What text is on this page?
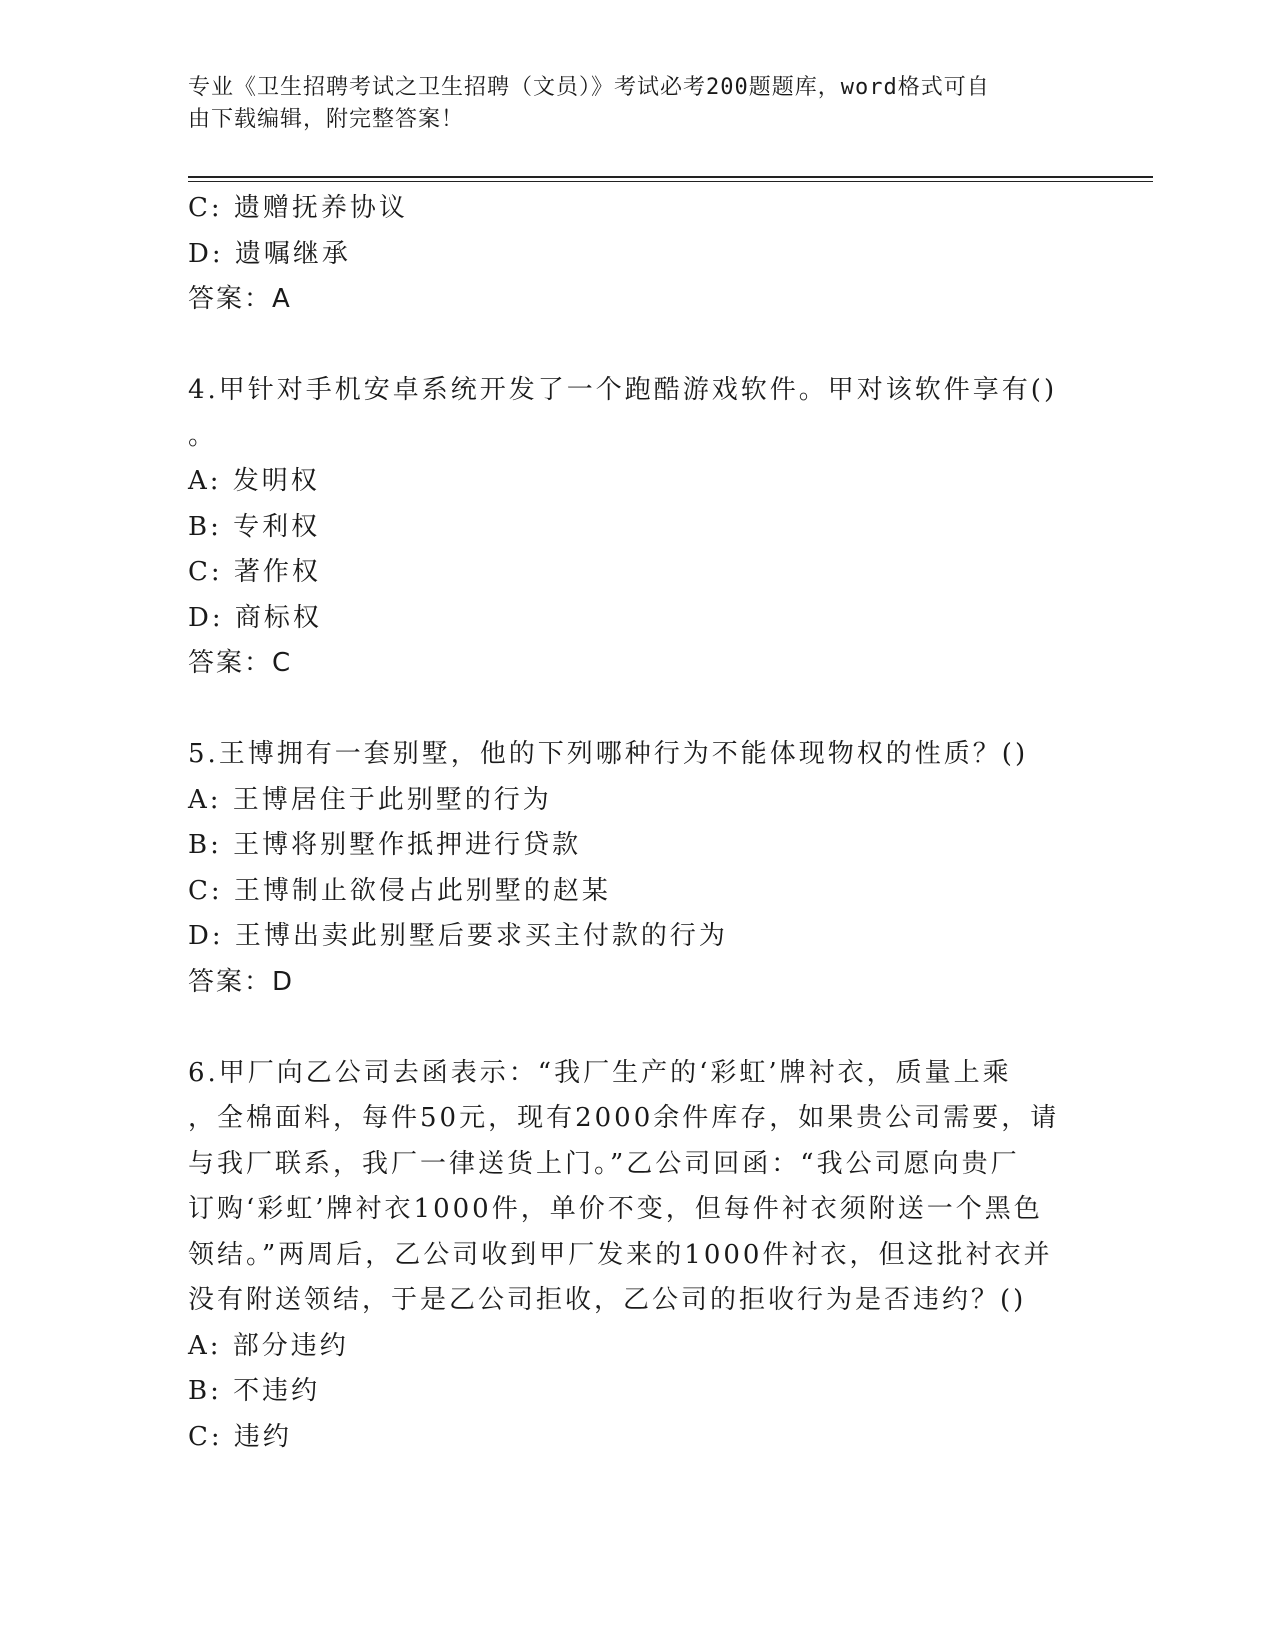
专业《卫生招聘考试之卫生招聘（文员）》考试必考200题题库，word格式可自
由下载编辑，附完整答案！
C: 遗赠抚养协议
D: 遗嘱继承
答案：A
4.甲针对手机安卓系统开发了一个跑酷游戏软件。甲对该软件享有()
。
A: 发明权
B: 专利权
C: 著作权
D: 商标权
答案：C
5.王博拥有一套别墅，他的下列哪种行为不能体现物权的性质？()
A: 王博居住于此别墅的行为
B: 王博将别墅作抵押进行贷款
C: 王博制止欲侵占此别墅的赵某
D: 王博出卖此别墅后要求买主付款的行为
答案：D
6.甲厂向乙公司去函表示：“我厂生产的‘彩虹’牌衬衣，质量上乘
，全棉面料，每件50元，现有2000余件库存，如果贵公司需要，请
与我厂联系，我厂一律送货上门。”乙公司回函：“我公司愿向贵厂
订购‘彩虹’牌衬衣1000件，单价不变，但每件衬衣须附送一个黑色
领结。”两周后，乙公司收到甲厂发来的1000件衬衣，但这批衬衣并
没有附送领结，于是乙公司拒收，乙公司的拒收行为是否违约？()
A: 部分违约
B: 不违约
C: 违约
